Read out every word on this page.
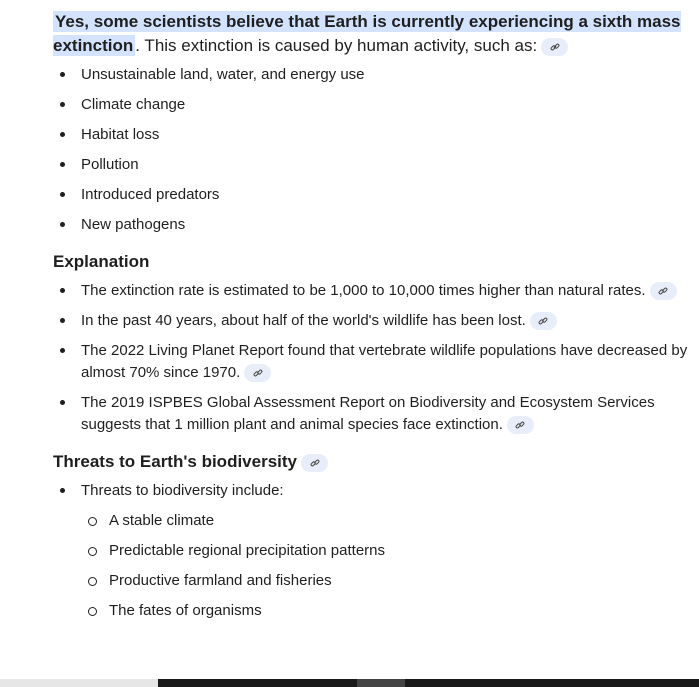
Yes, some scientists believe that Earth is currently experiencing a sixth mass extinction . This extinction is caused by human activity, such as:

Unsustainable land, water, and energy use
Climate change
Habitat loss
Pollution
Introduced predators
New pathogens
Explanation
The extinction rate is estimated to be 1,000 to 10,000 times higher than natural rates.
In the past 40 years, about half of the world's wildlife has been lost.
The 2022 Living Planet Report found that vertebrate wildlife populations have decreased by almost 70% since 1970.
The 2019 ISPBES Global Assessment Report on Biodiversity and Ecosystem Services suggests that 1 million plant and animal species face extinction.
Threats to Earth's biodiversity
Threats to biodiversity include:
A stable climate
Predictable regional precipitation patterns
Productive farmland and fisheries
The fates of organisms
